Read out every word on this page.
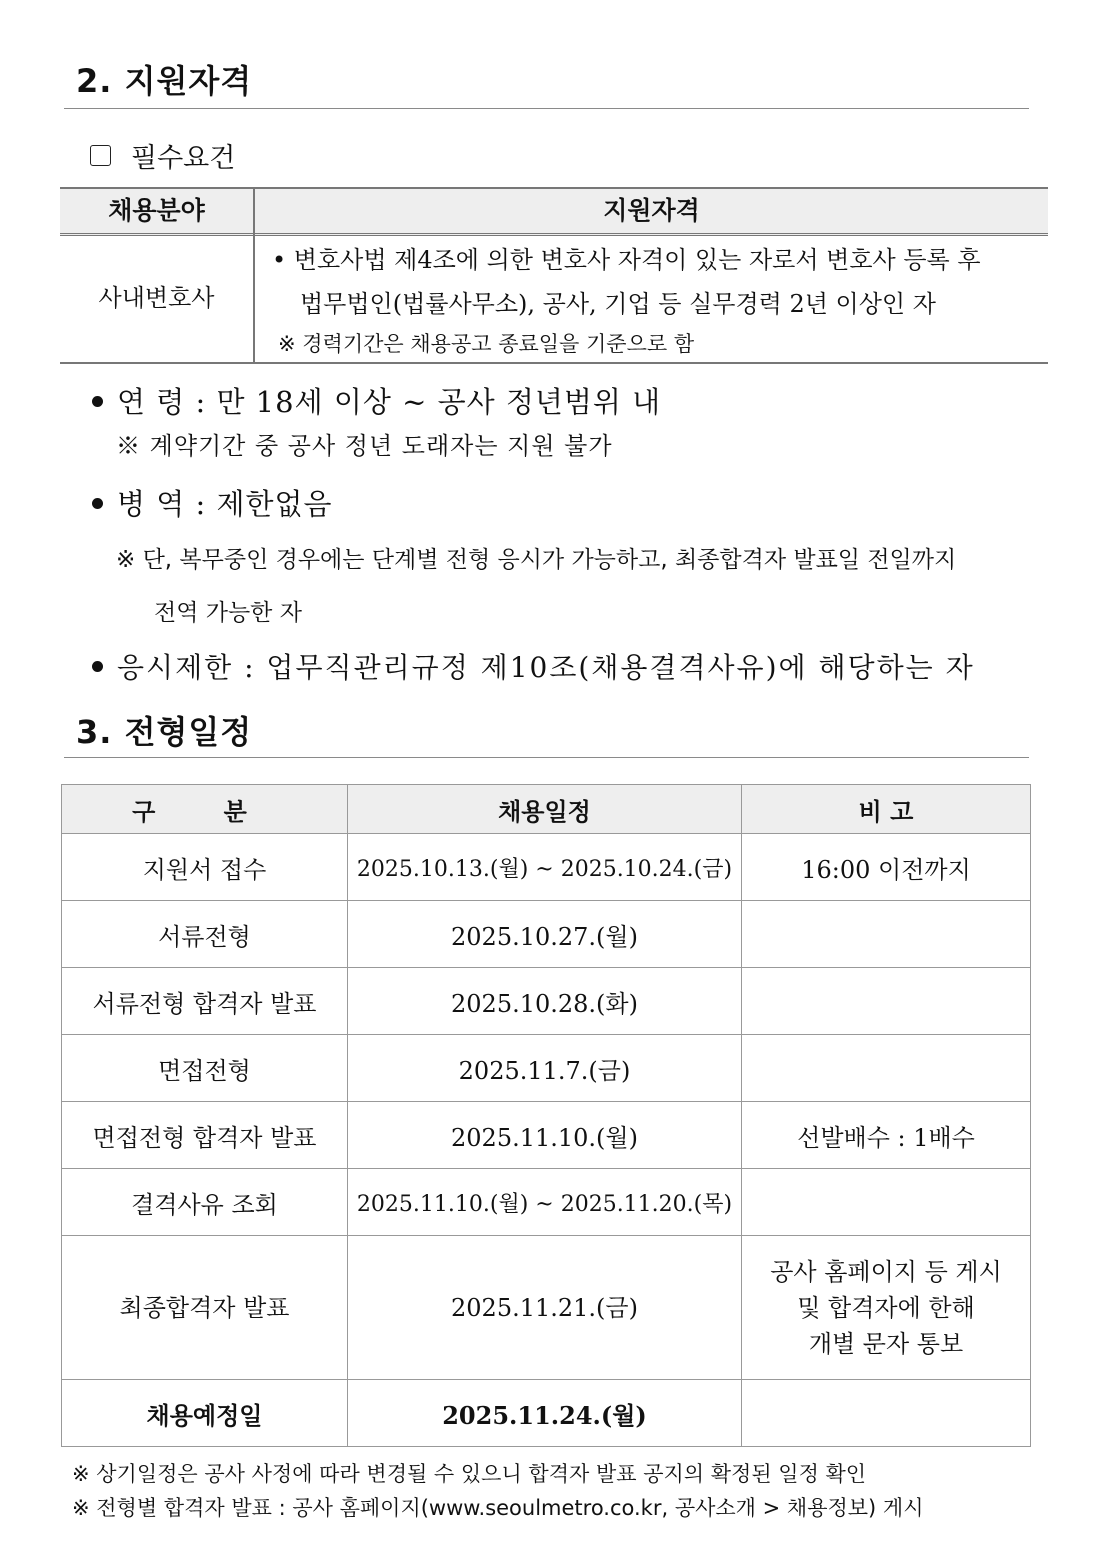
2. 지원자격
필수요건
채용분야	지원자격
사내변호사
• 변호사법 제4조에 의한 변호사 자격이 있는 자로서 변호사 등록 후
법무법인(법률사무소), 공사, 기업 등 실무경력 2년 이상인 자
※ 경력기간은 채용공고 종료일을 기준으로 함
연 령 : 만 18세 이상 ~ 공사 정년범위 내
※ 계약기간 중 공사 정년 도래자는 지원 불가
병 역 : 제한없음
※ 단, 복무중인 경우에는 단계별 전형 응시가 가능하고, 최종합격자 발표일 전일까지
전역 가능한 자
응시제한 : 업무직관리규정 제10조(채용결격사유)에 해당하는 자
3. 전형일정
구 분	채용일정	비 고
지원서 접수	2025.10.13.(월) ~ 2025.10.24.(금)	16:00 이전까지
서류전형	2025.10.27.(월)	
서류전형 합격자 발표	2025.10.28.(화)	
면접전형	2025.11.7.(금)	
면접전형 합격자 발표	2025.11.10.(월)	선발배수 : 1배수
결격사유 조회	2025.11.10.(월) ~ 2025.11.20.(목)	
최종합격자 발표	2025.11.21.(금)	공사 홈페이지 등 게시
및 합격자에 한해
개별 문자 통보

채용예정일	2025.11.24.(월)	
※ 상기일정은 공사 사정에 따라 변경될 수 있으니 합격자 발표 공지의 확정된 일정 확인
※ 전형별 합격자 발표 : 공사 홈페이지(www.seoulmetro.co.kr, 공사소개 > 채용정보) 게시
